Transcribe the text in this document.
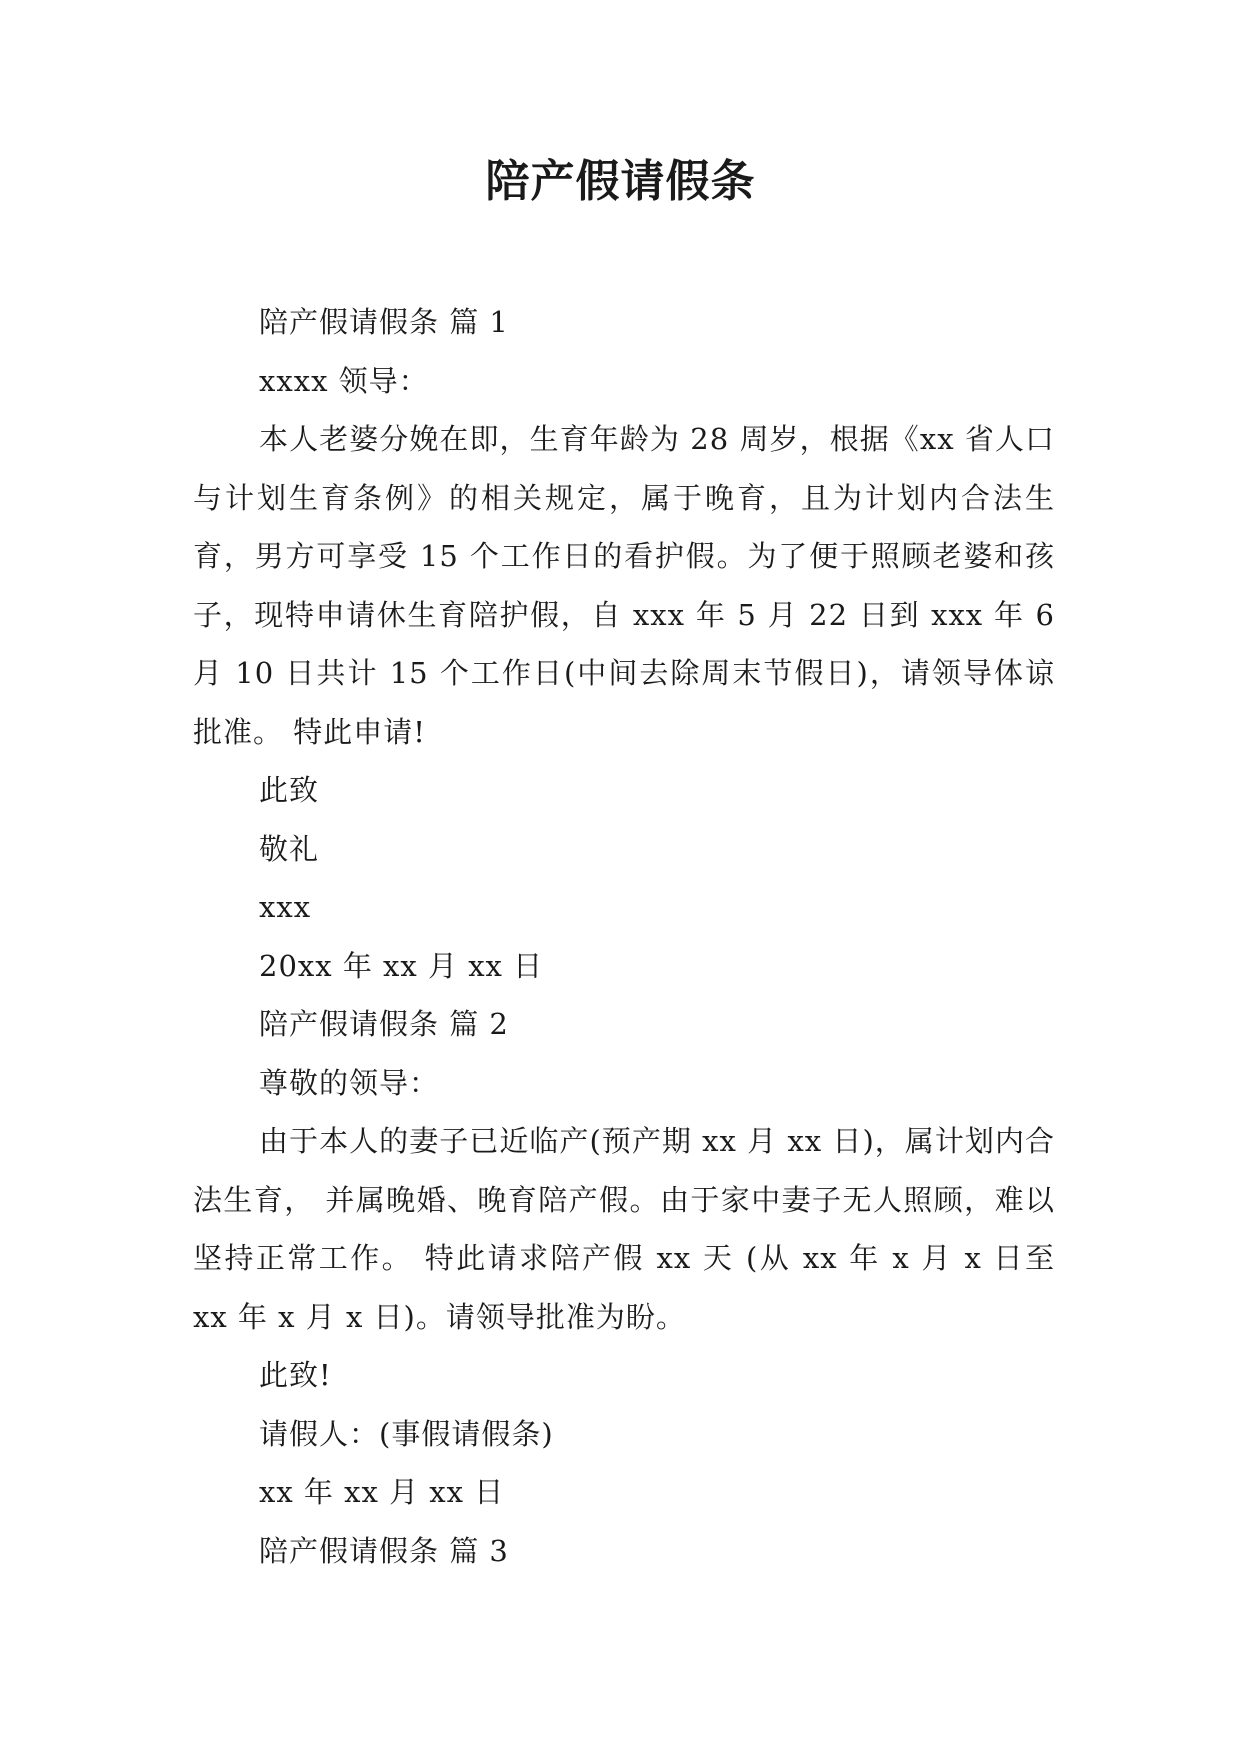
陪产假请假条

陪产假请假条 篇 1

xxxx 领导：

本人老婆分娩在即，生育年龄为 28 周岁，根据《xx 省人口与计划生育条例》的相关规定，属于晚育，且为计划内合法生育，男方可享受 15 个工作日的看护假。为了便于照顾老婆和孩子，现特申请休生育陪护假，自 xxx 年 5 月 22 日到 xxx 年 6 月 10 日共计 15 个工作日(中间去除周末节假日)，请领导体谅批准。 特此申请!

此致

敬礼

xxx

20xx 年 xx 月 xx 日

陪产假请假条 篇 2

尊敬的领导：

由于本人的妻子已近临产(预产期 xx 月 xx 日)，属计划内合法生育， 并属晚婚、晚育陪产假。由于家中妻子无人照顾，难以坚持正常工作。 特此请求陪产假 xx 天 (从 xx 年 x 月 x 日至 xx 年 x 月 x 日)。请领导批准为盼。

此致!

请假人：(事假请假条)

xx 年 xx 月 xx 日

陪产假请假条 篇 3
